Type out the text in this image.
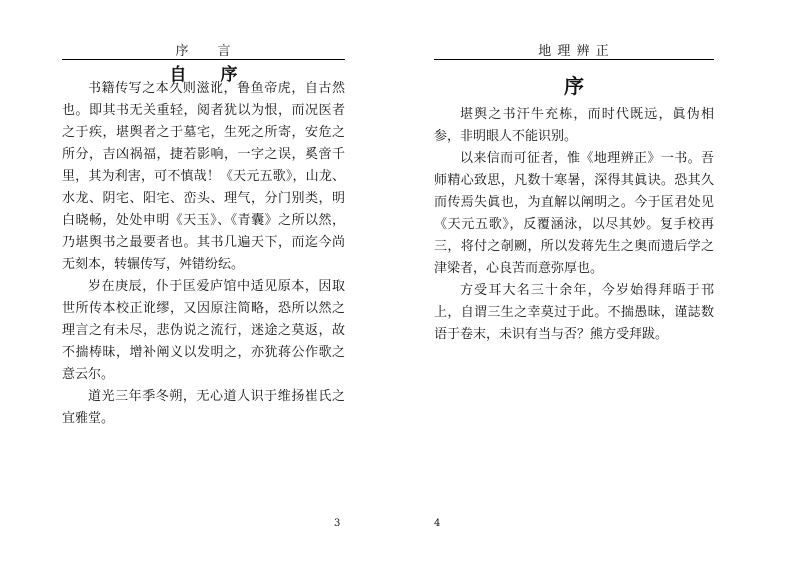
序　　言
自　　序

书籍传写之本久则滋讹，鲁鱼帝虎，自古然也。即其书无关重轻，阅者犹以为恨，而况医者之于疾，堪舆者之于墓宅，生死之所寄，安危之所分，吉凶祸福，捷若影响，一字之误，奚啻千里，其为利害，可不慎哉！《天元五歌》，山龙、水龙、阴宅、阳宅、峦头、理气，分门别类，明白晓畅，处处申明《天玉》、《青囊》之所以然，乃堪舆书之最要者也。其书几遍天下，而迄今尚无刻本，转辗传写，舛错纷纭。

岁在庚辰，仆于匡爱庐馆中适见原本，因取世所传本校正讹缪，又因原注简略，恐所以然之理言之有未尽，悲伪说之流行，迷途之莫返，故不揣梼昧，增补阐义以发明之，亦犹蒋公作歌之意云尔。

道光三年季冬朔，无心道人识于维扬崔氏之宜雅堂。

3
地 理 辨 正
序

堪舆之书汗牛充栋，而时代既远，眞伪相参，非明眼人不能识别。

以来信而可征者，惟《地理辨正》一书。吾师精心致思，凡数十寒暑，深得其眞诀。恐其久而传焉失眞也，为直解以阐明之。今于匡君处见《天元五歌》，反覆涵泳，以尽其妙。复手校再三，将付之剞劂，所以发蒋先生之奥而遗后学之津梁者，心良苦而意弥厚也。

方受耳大名三十余年，今岁始得拜晤于邗上，自谓三生之幸莫过于此。不揣愚昧，谨誌数语于卷末，未识有当与否？熊方受拜跋。

4
